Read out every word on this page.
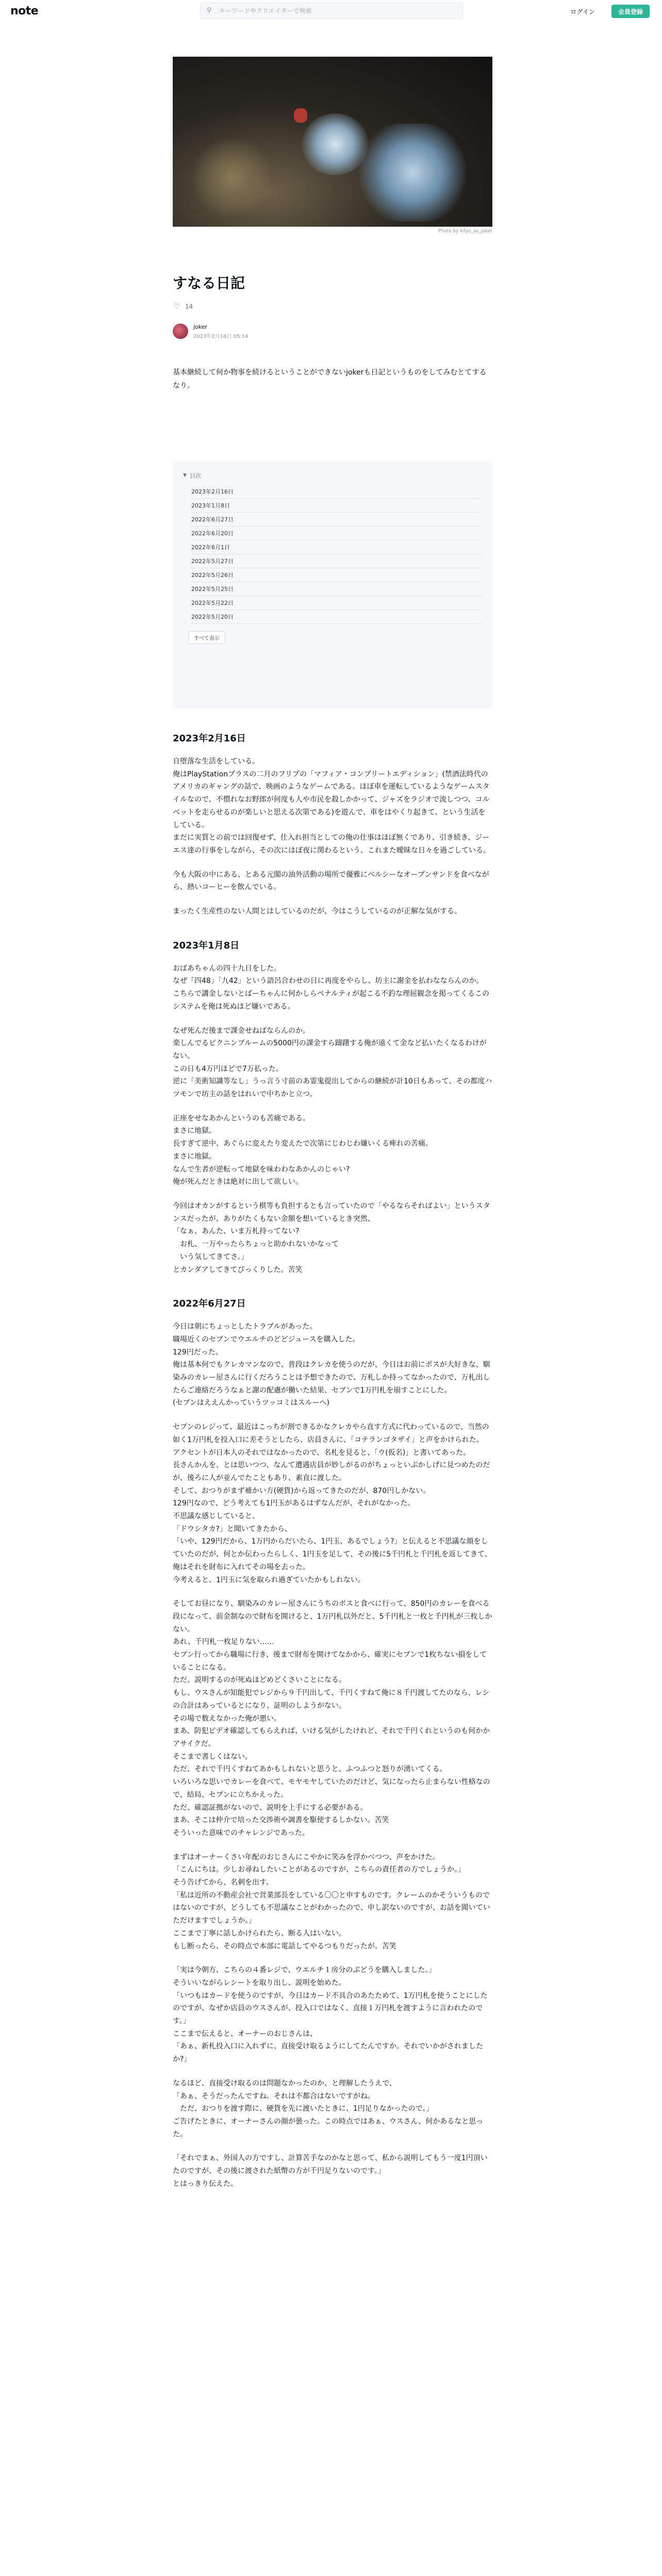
note	⚲
キーワードやクリエイターで検索	ログイン	会員登録
Photo by kilyo_as_joker
すなる日記
♡ 14
joker
2023年2月16日 05:14

基本継続して何か物事を続けるということができないjokerも日記というものをしてみむとてするなり。

▼ 目次
2023年2月16日
2023年1月8日
2022年6月27日
2022年6月20日
2022年6月1日
2022年5月27日
2022年5月26日
2022年5月25日
2022年5月22日
2022年5月20日
すべて表示
2023年2月16日

自堕落な生活をしている。
俺はPlayStationプラスの二月のフリプの「マフィア・コンプリートエディション」(禁酒法時代のアメリカのギャングの話で、映画のようなゲームである。ほぼ車を運転しているようなゲームスタイルなので、不慣れなお野郎が何度も人や市民を殺しかかって、ジャズをラジオで流しつつ、コルベットを走らせるのが楽しいと思える次第である)を遊んで、車をはやくり起きて、という生活をしている。
まだに実質との前では回復せず、仕入れ担当としての俺の仕事はほぼ無くであり、引き続き、ジーエス達の行事をしながら、その次にはぼ夜に関わるという、これまた曖昧な日々を過ごしている。

今も大阪の中にある、とある元閣の油外活動の場所で優雅にベルシーなオープンサンドを食べながら、熱いコーヒーを飲んでいる。

まったく生産性のない人間とはしているのだが、今はこうしているのが正解な気がする。

2023年1月8日

おばあちゃんの四十九日をした。
なぜ「四48」「九42」という語呂合わせの日に再度をやらし、坊主に謝金を払わなならんのか。
こちらで講金しないとばーちゃんに何かしらペナルティが起こる不釣な理屈観念を掲ってくるこのシステムを俺は死ぬほど嫌いである。

なぜ死んだ後まで課金せねばならんのか。
楽しんでるビクニンブルームの5000円の課金すら躊躇する俺が遠くて金など払いたくなるわけがない。
この日も4万円ほどで7万払った。
逆に「美術知識等なし」うっ言う寸前のあ霊鬼提出してからの継続が計10日もあって、その都度ハツモンで坊主の話をはれいで中ちかと立つ。

正座をせなあかんというのも苦痛である。
まさに地獄。
長すぎて逆中、あぐらに変えたり変えたで次第にじわじわ嫌いくる痺れの苦痛。
まさに地獄。
なんで生者が逆転って地獄を味わわなあかんのじゃい?
俺が死んだときは絶対に出して欲しい。

今回はオカンがするという棋等も負担するとも言っていたので「やるならそればよい」というスタンスだったが、ありがたくもない金額を想いているとき突然、
「なぁ、あんた、いま万札持ってない?
　お札、一万やったらちょっと助かれないかなって
　いう気してきてさ。」
とカンダアしてきてびっくりした。苦笑

2022年6月27日

今日は朝にちょっとしたトラブルがあった。
職場近くのセブンでウエルチのどどジュースを購入した。
129円だった。
俺は基本何でもクレカマンなので、普段はクレカを使うのだが、今日はお前にポスが大好きな、馴染みのカレー屋さんに行くだろうことは予想できたので、万札しか持ってなかったので、万札出したらご連絡だろうなぁと謝の配慮が働いた結果、セブンで1万円札を崩すことにした。
(セブンはええんかっていうツッコミはスルーへ)

セブンのレジって、最近はこっちが割できるかなクレカやら直す方式に代わっているので、当然の如く1万円札を投入口に差そうとしたら、店員さんに、「コテランゴタザイ」と声をかけられた。
アクセントが日本人のそれではなかったので、名札を見ると、「ウ(仮名)」と書いてあった。
長さんかんを、とは思いつつ、なんて遭遇店員が妙しがるのがちょっといぶかしげに見つめたのだが、後ろに人が並んでたこともあり、素直に渡した。
そして、おつりがまず補かい方(硬貨)から返ってきたのだが、870円しかない。
129円なので、どう考えても1円玉があるはずなんだが、それがなかった。
不思議な感じしていると、
「ドウシタカ?」と聞いてきたから、
「いや、129円だから、1万円からだいたら、1円玉、あるでしょう?」と伝えると不思議な顔をしていたのだが、何とか伝わったらしく、1円玉を足して、その後に5千円札と千円札を返してきて、俺はそれを財布に入れてその場を去った。
今考えると、1円玉に気を取られ過ぎていたかもしれない。

そしてお昼になり、馴染みのカレー屋さんにうちのボスと食べに行って、850円のカレーを食べる段になって、前金制なので財布を開けると、1万円札以外だと、5千円札と一枚と千円札が三枚しかない。
あれ、千円札一枚足りない……
セブン行ってから職場に行き、後まで財布を開けてなかから、確実にセブンで1枚ちない損をしていることになる。
ただ、説明するのが死ぬほどめどくさいことになる。
もし、ウスさんが知能犯でレジから９千円出して、千円くすねて俺に８千円渡してたのなら、レシの合計はあっているとになり、証明のしようがない。
その場で数えなかった俺が悪い。
まあ、防犯ビデオ確認してもらえれば、いける気がしたけれど、それで千円くれというのも何かかアサイクだ。
そこまで書しくはない。
ただ、それで千円くすねてあかもしれないと思うと、ふつふつと怒りが湧いてくる。
いろいろな思いでカレーを食べて、モヤモヤしていたのだけど、気になったら止まらない性格なので、結局、セブンに立ちかえった。
ただ、確認証拠がないので、説明を上手にする必要がある。
まあ、そこは仲介で培った交渉術や調書を駆使するしかない。苦笑
そういった意味でのチャレンジであった。

まずはオーナーくさい年配のおじさんにこやかに笑みを浮かべつつ、声をかけた。
「こんにちは。少しお尋ねしたいことがあるのですが、こちらの責任者の方でしょうか。」
そう告げてから、名刺を出す。
「私は近所の不動産会社で営業部長をしている〇〇と申すものです。クレームのかそういうものではないのですが、どうしても不思議なことがわかったので、申し訳ないのですが、お話を聞いていただけますでしょうか。」
ここまで丁寧に話しかけられたら、断る人はいない。
もし断ったら、その時点で本部に電話してやるつもりだったが。苦笑

「実は今朝方、こちらの４番レジで、ウエルチ１房分のぶどうを購入しました。」
そういいながらレシートを取り出し、説明を始めた。
「いつもはカードを使うのですが、今日はカード不具合のあたためて、1万円札を使うことにしたのですが、なぜか店員のウスさんが、投入口ではなく、直接１万円札を渡すように言われたのです。」
ここまで伝えると、オーナーのおじさんは、
「あぁ、新札投入口に入れずに、直接受け取るようにしてたんですか。それでいかがされましたか?」

なるほど、直接受け取るのは問題なかったのか、と理解したうえで、
「あぁ、そうだったんですね。それは不都合はないですがね。
　ただ、おつりを渡す際に、硬貨を先に渡いたときに、1円足りなかったので。」
ご告げたときに、オーナーさんの顔が曇った。この時点ではあぁ、ウスさん、何かあるなと思った。

「それでまぁ、外国人の方ですし、計算苦手なのかなと思って、私から説明してもう一度1円頂いたのですが、その後に渡された紙幣の方が千円足りないのです。」
とはっきり伝えた。
